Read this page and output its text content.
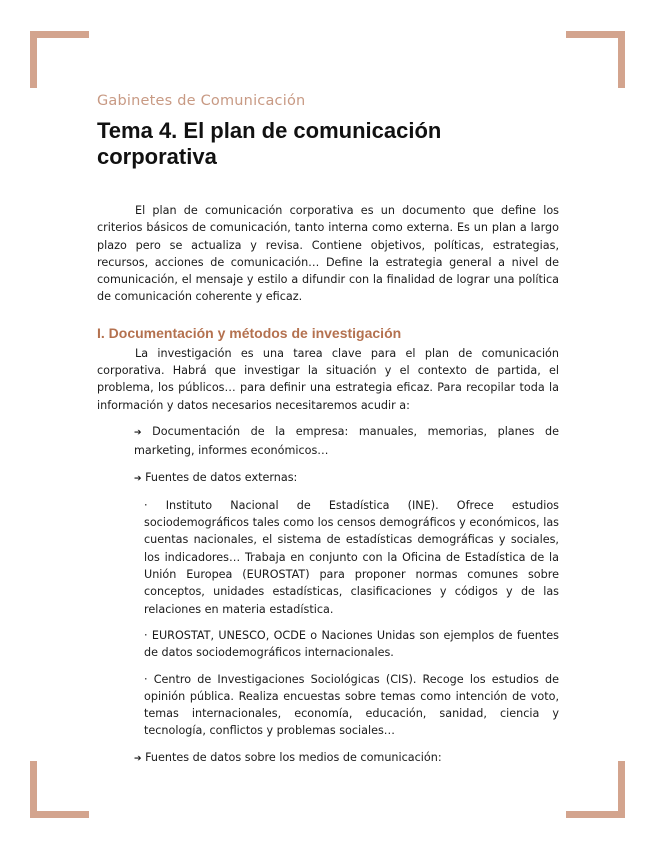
Gabinetes de Comunicación
Tema 4. El plan de comunicación corporativa

El plan de comunicación corporativa es un documento que define los criterios básicos de comunicación, tanto interna como externa. Es un plan a largo plazo pero se actualiza y revisa. Contiene objetivos, políticas, estrategias, recursos, acciones de comunicación… Define la estrategia general a nivel de comunicación, el mensaje y estilo a difundir con la finalidad de lograr una política de comunicación coherente y eficaz.

I. Documentación y métodos de investigación

La investigación es una tarea clave para el plan de comunicación corporativa. Habrá que investigar la situación y el contexto de partida, el problema, los públicos… para definir una estrategia eficaz. Para recopilar toda la información y datos necesarios necesitaremos acudir a:

➔ Documentación de la empresa: manuales, memorias, planes de marketing, informes económicos…

➔ Fuentes de datos externas:

· Instituto Nacional de Estadística (INE). Ofrece estudios sociodemográficos tales como los censos demográficos y económicos, las cuentas nacionales, el sistema de estadísticas demográficas y sociales, los indicadores… Trabaja en conjunto con la Oficina de Estadística de la Unión Europea (EUROSTAT) para proponer normas comunes sobre conceptos, unidades estadísticas, clasificaciones y códigos y de las relaciones en materia estadística.

· EUROSTAT, UNESCO, OCDE o Naciones Unidas son ejemplos de fuentes de datos sociodemográficos internacionales.

· Centro de Investigaciones Sociológicas (CIS). Recoge los estudios de opinión pública. Realiza encuestas sobre temas como intención de voto, temas internacionales, economía, educación, sanidad, ciencia y tecnología, conflictos y problemas sociales…

➔ Fuentes de datos sobre los medios de comunicación:
